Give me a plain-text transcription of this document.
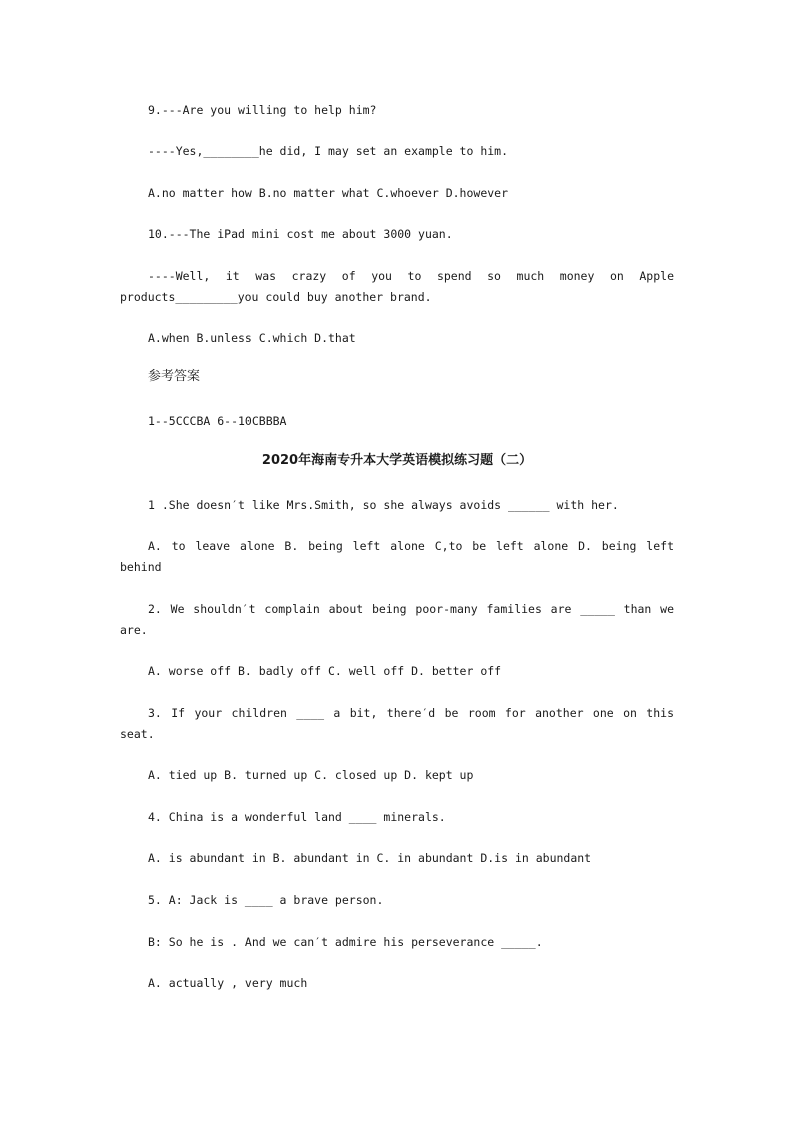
9.---Are you willing to help him?
----Yes,________he did, I may set an example to him.
A.no matter how B.no matter what C.whoever D.however
10.---The iPad mini cost me about 3000 yuan.
----Well, it was crazy of you to spend so much money on Apple
products_________you could buy another brand.
A.when B.unless C.which D.that
参考答案
1--5CCCBA 6--10CBBBA
2020年海南专升本大学英语模拟练习题（二）
1 .She doesn′t like Mrs.Smith, so she always avoids ______ with her.
A. to leave alone B. being left alone C,to be left alone D. being left
behind
2. We shouldn′t complain about being poor-many families are _____ than we
are.
A. worse off B. badly off C. well off D. better off
3. If your children ____ a bit, there′d be room for another one on this
seat.
A. tied up B. turned up C. closed up D. kept up
4. China is a wonderful land ____ minerals.
A. is abundant in B. abundant in C. in abundant D.is in abundant
5. A: Jack is ____ a brave person.
B: So he is . And we can′t admire his perseverance _____.
A. actually , very much
